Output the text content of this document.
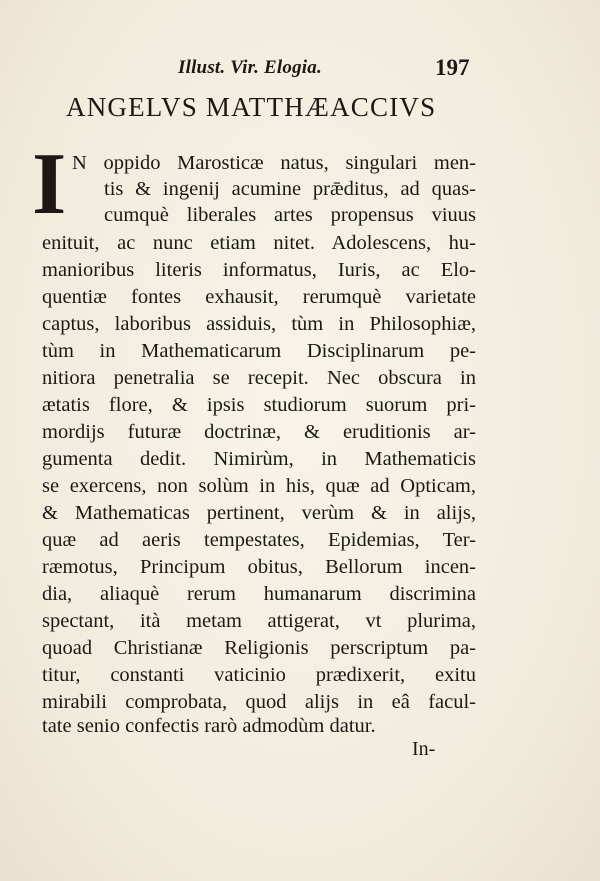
Illust. Vir. Elogia.	197
ANGELVS MATTHÆACCIVS
I N oppido Marosticæ natus, singulari men-
tis & ingenij acumine prǣditus, ad quas-
cumquè liberales artes propensus viuus
enituit, ac nunc etiam nitet. Adolescens, hu-
manioribus literis informatus, Iuris, ac Elo-
quentiæ fontes exhausit, rerumquè varietate
captus, laboribus assiduis, tùm in Philosophiæ,
tùm in Mathematicarum Disciplinarum pe-
nitiora penetralia se recepit. Nec obscura in
ætatis flore, & ipsis studiorum suorum pri-
mordijs futuræ doctrinæ, & eruditionis ar-
gumenta dedit. Nimirùm, in Mathematicis
se exercens, non solùm in his, quæ ad Opticam,
& Mathematicas pertinent, verùm & in alijs,
quæ ad aeris tempestates, Epidemias, Ter-
ræmotus, Principum obitus, Bellorum incen-
dia, aliaquè rerum humanarum discrimina
spectant, ità metam attigerat, vt plurima,
quoad Christianæ Religionis perscriptum pa-
titur, constanti vaticinio prædixerit, exitu
mirabili comprobata, quod alijs in eâ facul-
tate senio confectis rarò admodùm datur.
In-
